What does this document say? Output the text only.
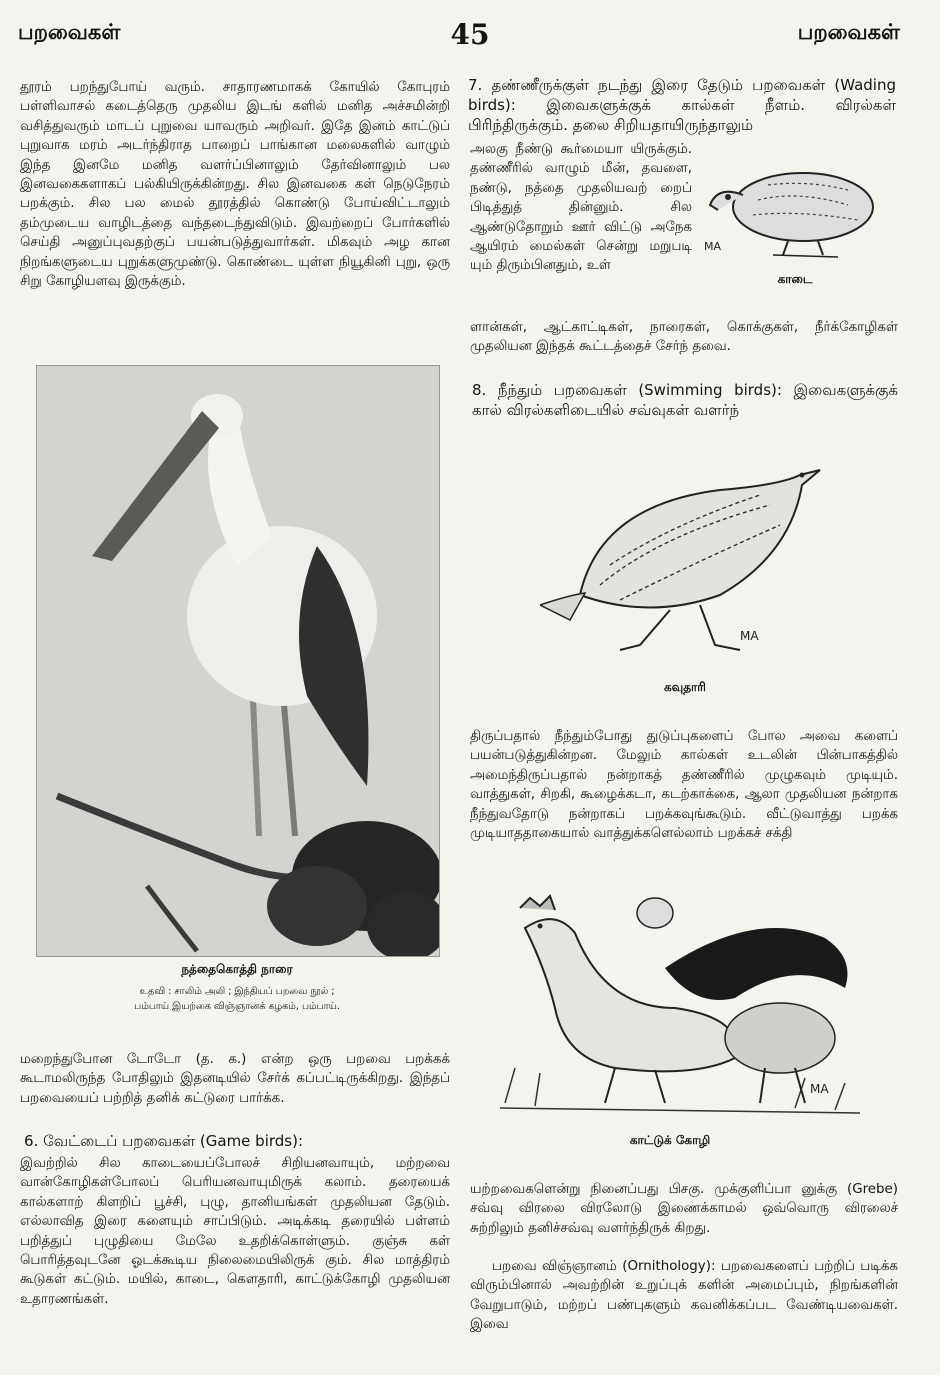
பறவைகள்	45	பறவைகள்

தூரம் பறந்துபோய் வரும். சாதாரணமாகக் கோயில் கோபுரம் பள்ளிவாசல் கடைத்தெரு முதலிய இடங் களில் மனித அச்சமின்றி வசித்துவரும் மாடப் புறுவை யாவரும் அறிவர். இதே இனம் காட்டுப் புறுவாக மரம் அடர்ந்திராத பாறைப் பாங்கான மலைகளில் வாழும் இந்த இனமே மனித வளர்ப்பினாலும் தேர்வினாலும் பல இனவகைகளாகப் பல்கியிருக்கின்றது. சில இனவகை கள் நெடுநேரம் பறக்கும். சில பல மைல் தூரத்தில் கொண்டு போய்விட்டாலும் தம்முடைய வாழிடத்தை வந்தடைந்துவிடும். இவற்றைப் போர்களில் செய்தி அனுப்புவதற்குப் பயன்படுத்துவார்கள். மிகவும் அழ கான நிறங்களுடைய புறுக்களுமுண்டு. கொண்டை யுள்ள நியூகினி புறு, ஒரு சிறு கோழியளவு இருக்கும்.

நத்தைகொத்தி நாரை
உதவி : சாலிம் அலி ; இந்தியப் பறவை நூல் ;
பம்பாய் இயற்கை விஞ்ஞானக் கழகம், பம்பாய்.

மறைந்துபோன டோடோ (த. க.) என்ற ஒரு பறவை பறக்கக் கூடாமலிருந்த போதிலும் இதனடியில் சேர்க் கப்பட்டிருக்கிறது. இந்தப் பறவையைப் பற்றித் தனிக் கட்டுரை பார்க்க.

6. வேட்டைப் பறவைகள் (Game birds):

இவற்றில் சில காடையைப்போலச் சிறியனவாயும், மற்றவை வான்கோழிகள்போலப் பெரியனவாயுமிருக் கலாம். தரையைக் கால்களாற் கிளறிப் பூச்சி, புழு, தானியங்கள் முதலியன தேடும். எல்லாவித இரை களையும் சாப்பிடும். அடிக்கடி தரையில் பள்ளம் பறித்துப் புழுதியை மேலே உதறிக்கொள்ளும். குஞ்சு கள் பொரித்தவுடனே ஓடக்கூடிய நிலைமையிலிருக் கும். சில மாத்திரம் கூடுகள் கட்டும். மயில், காடை, கௌதாரி, காட்டுக்கோழி முதலியன உதாரணங்கள்.

7. தண்ணீருக்குள் நடந்து இரை தேடும் பறவைகள் (Wading birds): இவைகளுக்குக் கால்கள் நீளம். விரல்கள் பிரிந்திருக்கும். தலை சிறியதாயிருந்தாலும்

அலகு நீண்டு கூர்மையா யிருக்கும். தண்ணீரில் வாழும் மீன், தவளை, நண்டு, நத்தை முதலியவற் றைப் பிடித்துத் தின்னும். சில ஆண்டுதோறும் ஊர் விட்டு அநேக ஆயிரம் மைல்கள் சென்று மறுபடி யும் திரும்பினதும், உள்

MA
காடை

ளான்கள், ஆட்காட்டிகள், நாரைகள், கொக்குகள், நீர்க்கோழிகள் முதலியன இந்தக் கூட்டத்தைச் சேர்ந் தவை.

8. நீந்தும் பறவைகள் (Swimming birds): இவைகளுக்குக் கால் விரல்களிடையில் சவ்வுகள் வளர்ந்

MA
கவுதாரி

திருப்பதால் நீந்தும்போது துடுப்புகளைப் போல அவை களைப் பயன்படுத்துகின்றன. மேலும் கால்கள் உடலின் பின்பாகத்தில் அமைந்திருப்பதால் நன்றாகத் தண்ணீரில் முழுகவும் முடியும். வாத்துகள், சிறகி, கூழைக்கடா, கடற்காக்கை, ஆலா முதலியன நன்றாக நீந்துவதோடு நன்றாகப் பறக்கவுங்கூடும். வீட்டுவாத்து பறக்க முடியாததாகையால் வாத்துக்களெல்லாம் பறக்கச் சக்தி

MA
காட்டுக் கோழி

யற்றவைகளென்று நினைப்பது பிசகு. முக்குளிப்பா னுக்கு (Grebe) சவ்வு விரலை விரலோடு இணைக்காமல் ஒவ்வொரு விரலைச் சுற்றிலும் தனிச்சவ்வு வளர்ந்திருக் கிறது.

பறவை விஞ்ஞானம் (Ornithology): பறவைகளைப் பற்றிப் படிக்க விரும்பினால் அவற்றின் உறுப்புக் களின் அமைப்பும், நிறங்களின் வேறுபாடும், மற்றப் பண்புகளும் கவனிக்கப்பட வேண்டியவைகள். இவை
